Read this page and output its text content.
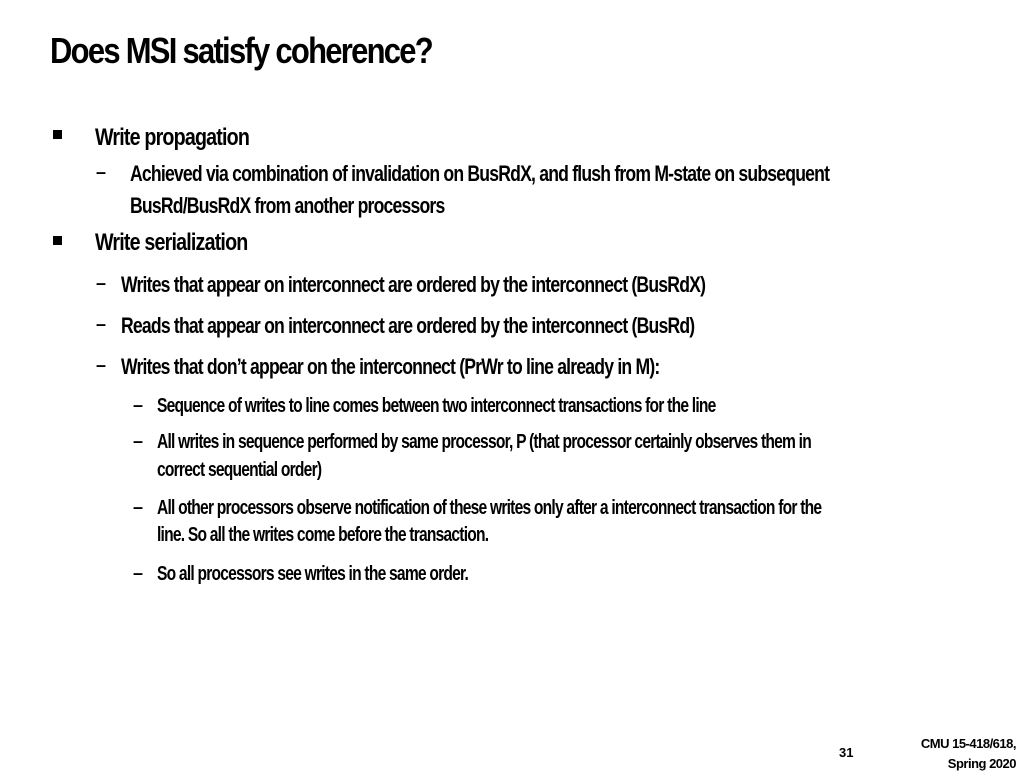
Does MSI satisfy coherence?
Write propagation
– Achieved via combination of invalidation on BusRdX, and flush from M-state on subsequent
BusRd/BusRdX from another processors
Write serialization
– Writes that appear on interconnect are ordered by the interconnect (BusRdX)
– Reads that appear on interconnect are ordered by the interconnect (BusRd)
– Writes that don’t appear on the interconnect (PrWr to line already in M):
– Sequence of writes to line comes between two interconnect transactions for the line
– All writes in sequence performed by same processor, P (that processor certainly observes them in
correct sequential order)
– All other processors observe notification of these writes only after a interconnect transaction for the
line. So all the writes come before the transaction.
– So all processors see writes in the same order.
31
CMU 15-418/618,
Spring 2020
